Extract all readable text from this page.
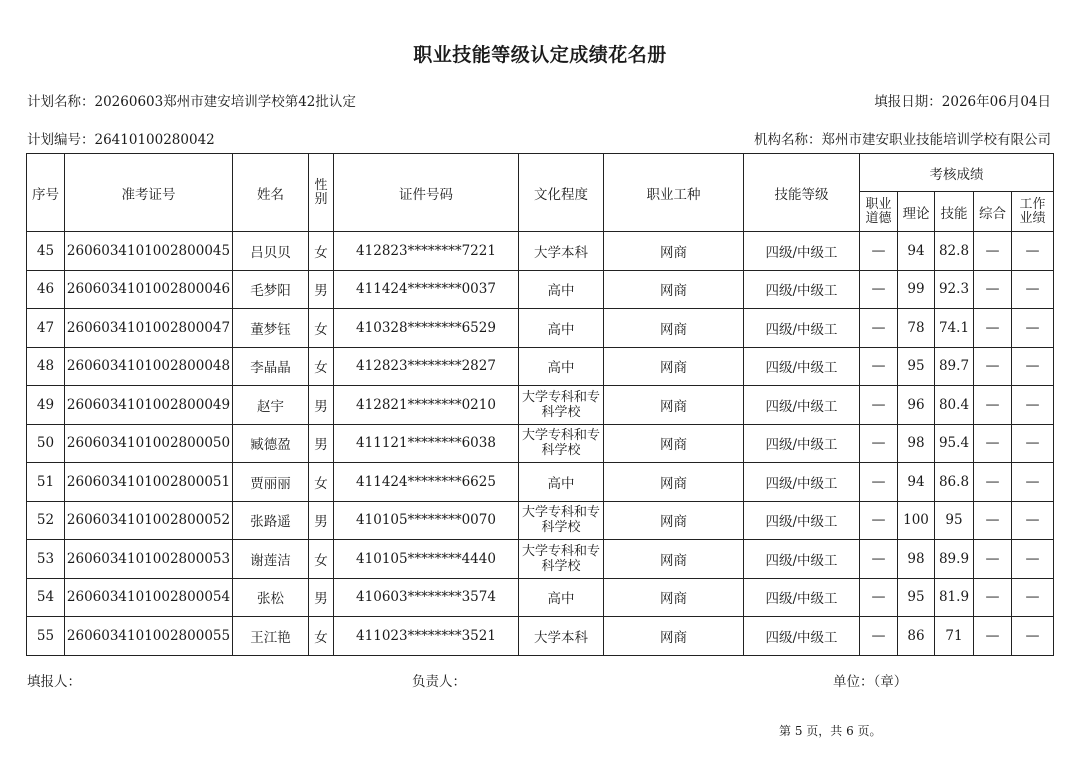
职业技能等级认定成绩花名册
计划名称：20260603郑州市建安培训学校第42批认定	填报日期：2026年06月04日
计划编号：26410100280042	机构名称：郑州市建安职业技能培训学校有限公司
序号	准考证号	姓名	性别	证件号码	文化程度	职业工种	技能等级	考核成绩				
								职业道德	理论	技能	综合	工作业绩
45	2606034101002800045	吕贝贝	女	412823********7221	大学本科	网商	四级/中级工	—	94	82.8	—	—
46	2606034101002800046	毛梦阳	男	411424********0037	高中	网商	四级/中级工	—	99	92.3	—	—
47	2606034101002800047	董梦钰	女	410328********6529	高中	网商	四级/中级工	—	78	74.1	—	—
48	2606034101002800048	李晶晶	女	412823********2827	高中	网商	四级/中级工	—	95	89.7	—	—
49	2606034101002800049	赵宇	男	412821********0210	大学专科和专科学校	网商	四级/中级工	—	96	80.4	—	—
50	2606034101002800050	臧德盈	男	411121********6038	大学专科和专科学校	网商	四级/中级工	—	98	95.4	—	—
51	2606034101002800051	贾丽丽	女	411424********6625	高中	网商	四级/中级工	—	94	86.8	—	—
52	2606034101002800052	张路遥	男	410105********0070	大学专科和专科学校	网商	四级/中级工	—	100	95	—	—
53	2606034101002800053	谢莲洁	女	410105********4440	大学专科和专科学校	网商	四级/中级工	—	98	89.9	—	—
54	2606034101002800054	张松	男	410603********3574	高中	网商	四级/中级工	—	95	81.9	—	—
55	2606034101002800055	王江艳	女	411023********3521	大学本科	网商	四级/中级工	—	86	71	—	—
填报人：	负责人：	单位：（章）
第 5 页，共 6 页。
